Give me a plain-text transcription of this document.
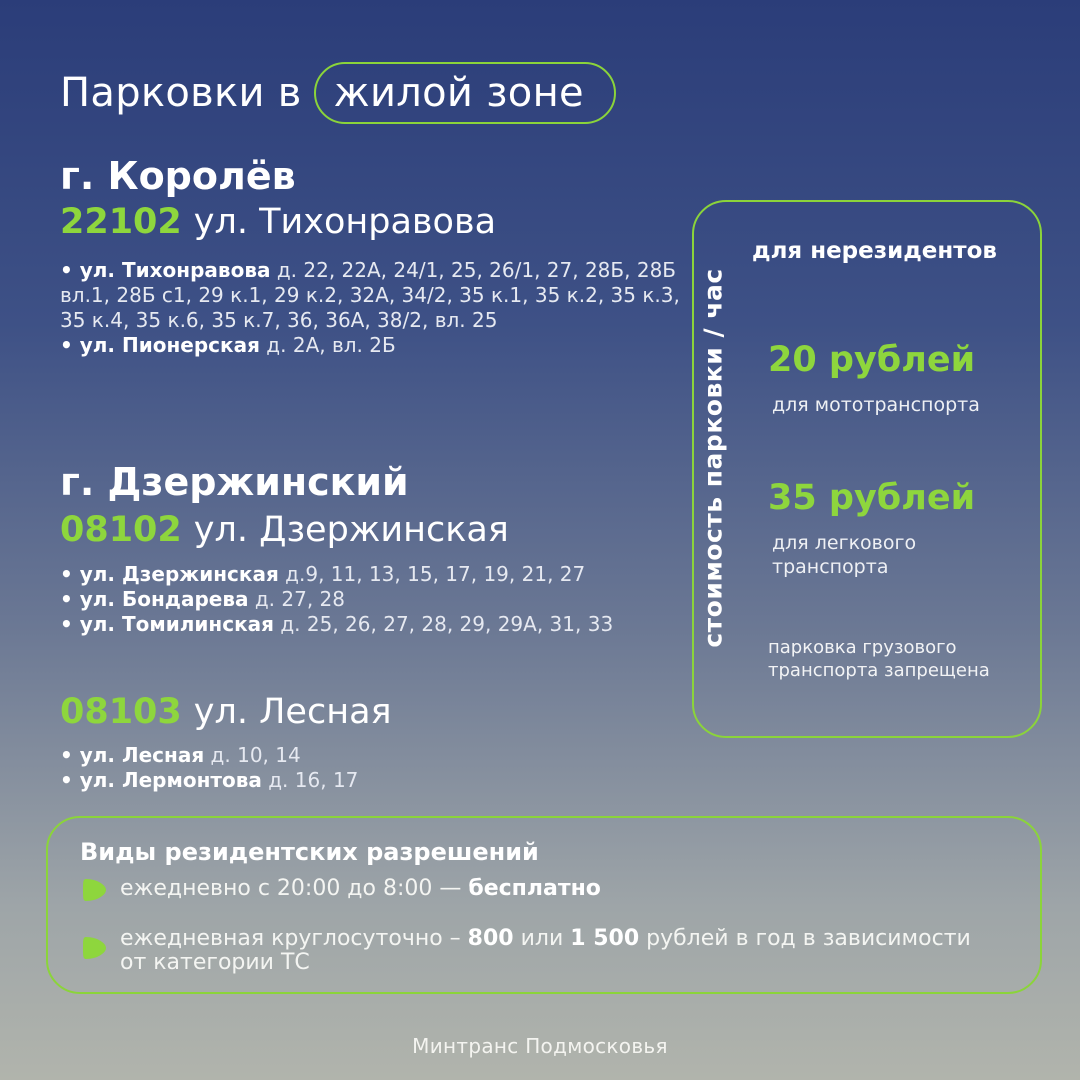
Парковки в жилой зоне
г. Королёв
22102 ул. Тихонравова
• ул. Тихонравова д. 22, 22А, 24/1, 25, 26/1, 27, 28Б, 28Б вл.1, 28Б с1, 29 к.1, 29 к.2, 32А, 34/2, 35 к.1, 35 к.2, 35 к.3, 35 к.4, 35 к.6, 35 к.7, 36, 36А, 38/2, вл. 25
• ул. Пионерская д. 2А, вл. 2Б
г. Дзержинский
08102 ул. Дзержинская
• ул. Дзержинская д.9, 11, 13, 15, 17, 19, 21, 27
• ул. Бондарева д. 27, 28
• ул. Томилинская д. 25, 26, 27, 28, 29, 29А, 31, 33
08103 ул. Лесная
• ул. Лесная д. 10, 14
• ул. Лермонтова д. 16, 17
стоимость парковки / час
для нерезидентов
20 рублей
для мототранспорта
35 рублей
для легкового транспорта
парковка грузового транспорта запрещена
Виды резидентских разрешений
ежедневно с 20:00 до 8:00 — бесплатно
ежедневная круглосуточно – 800 или 1 500 рублей в год в зависимости от категории ТС
Минтранс Подмосковья
